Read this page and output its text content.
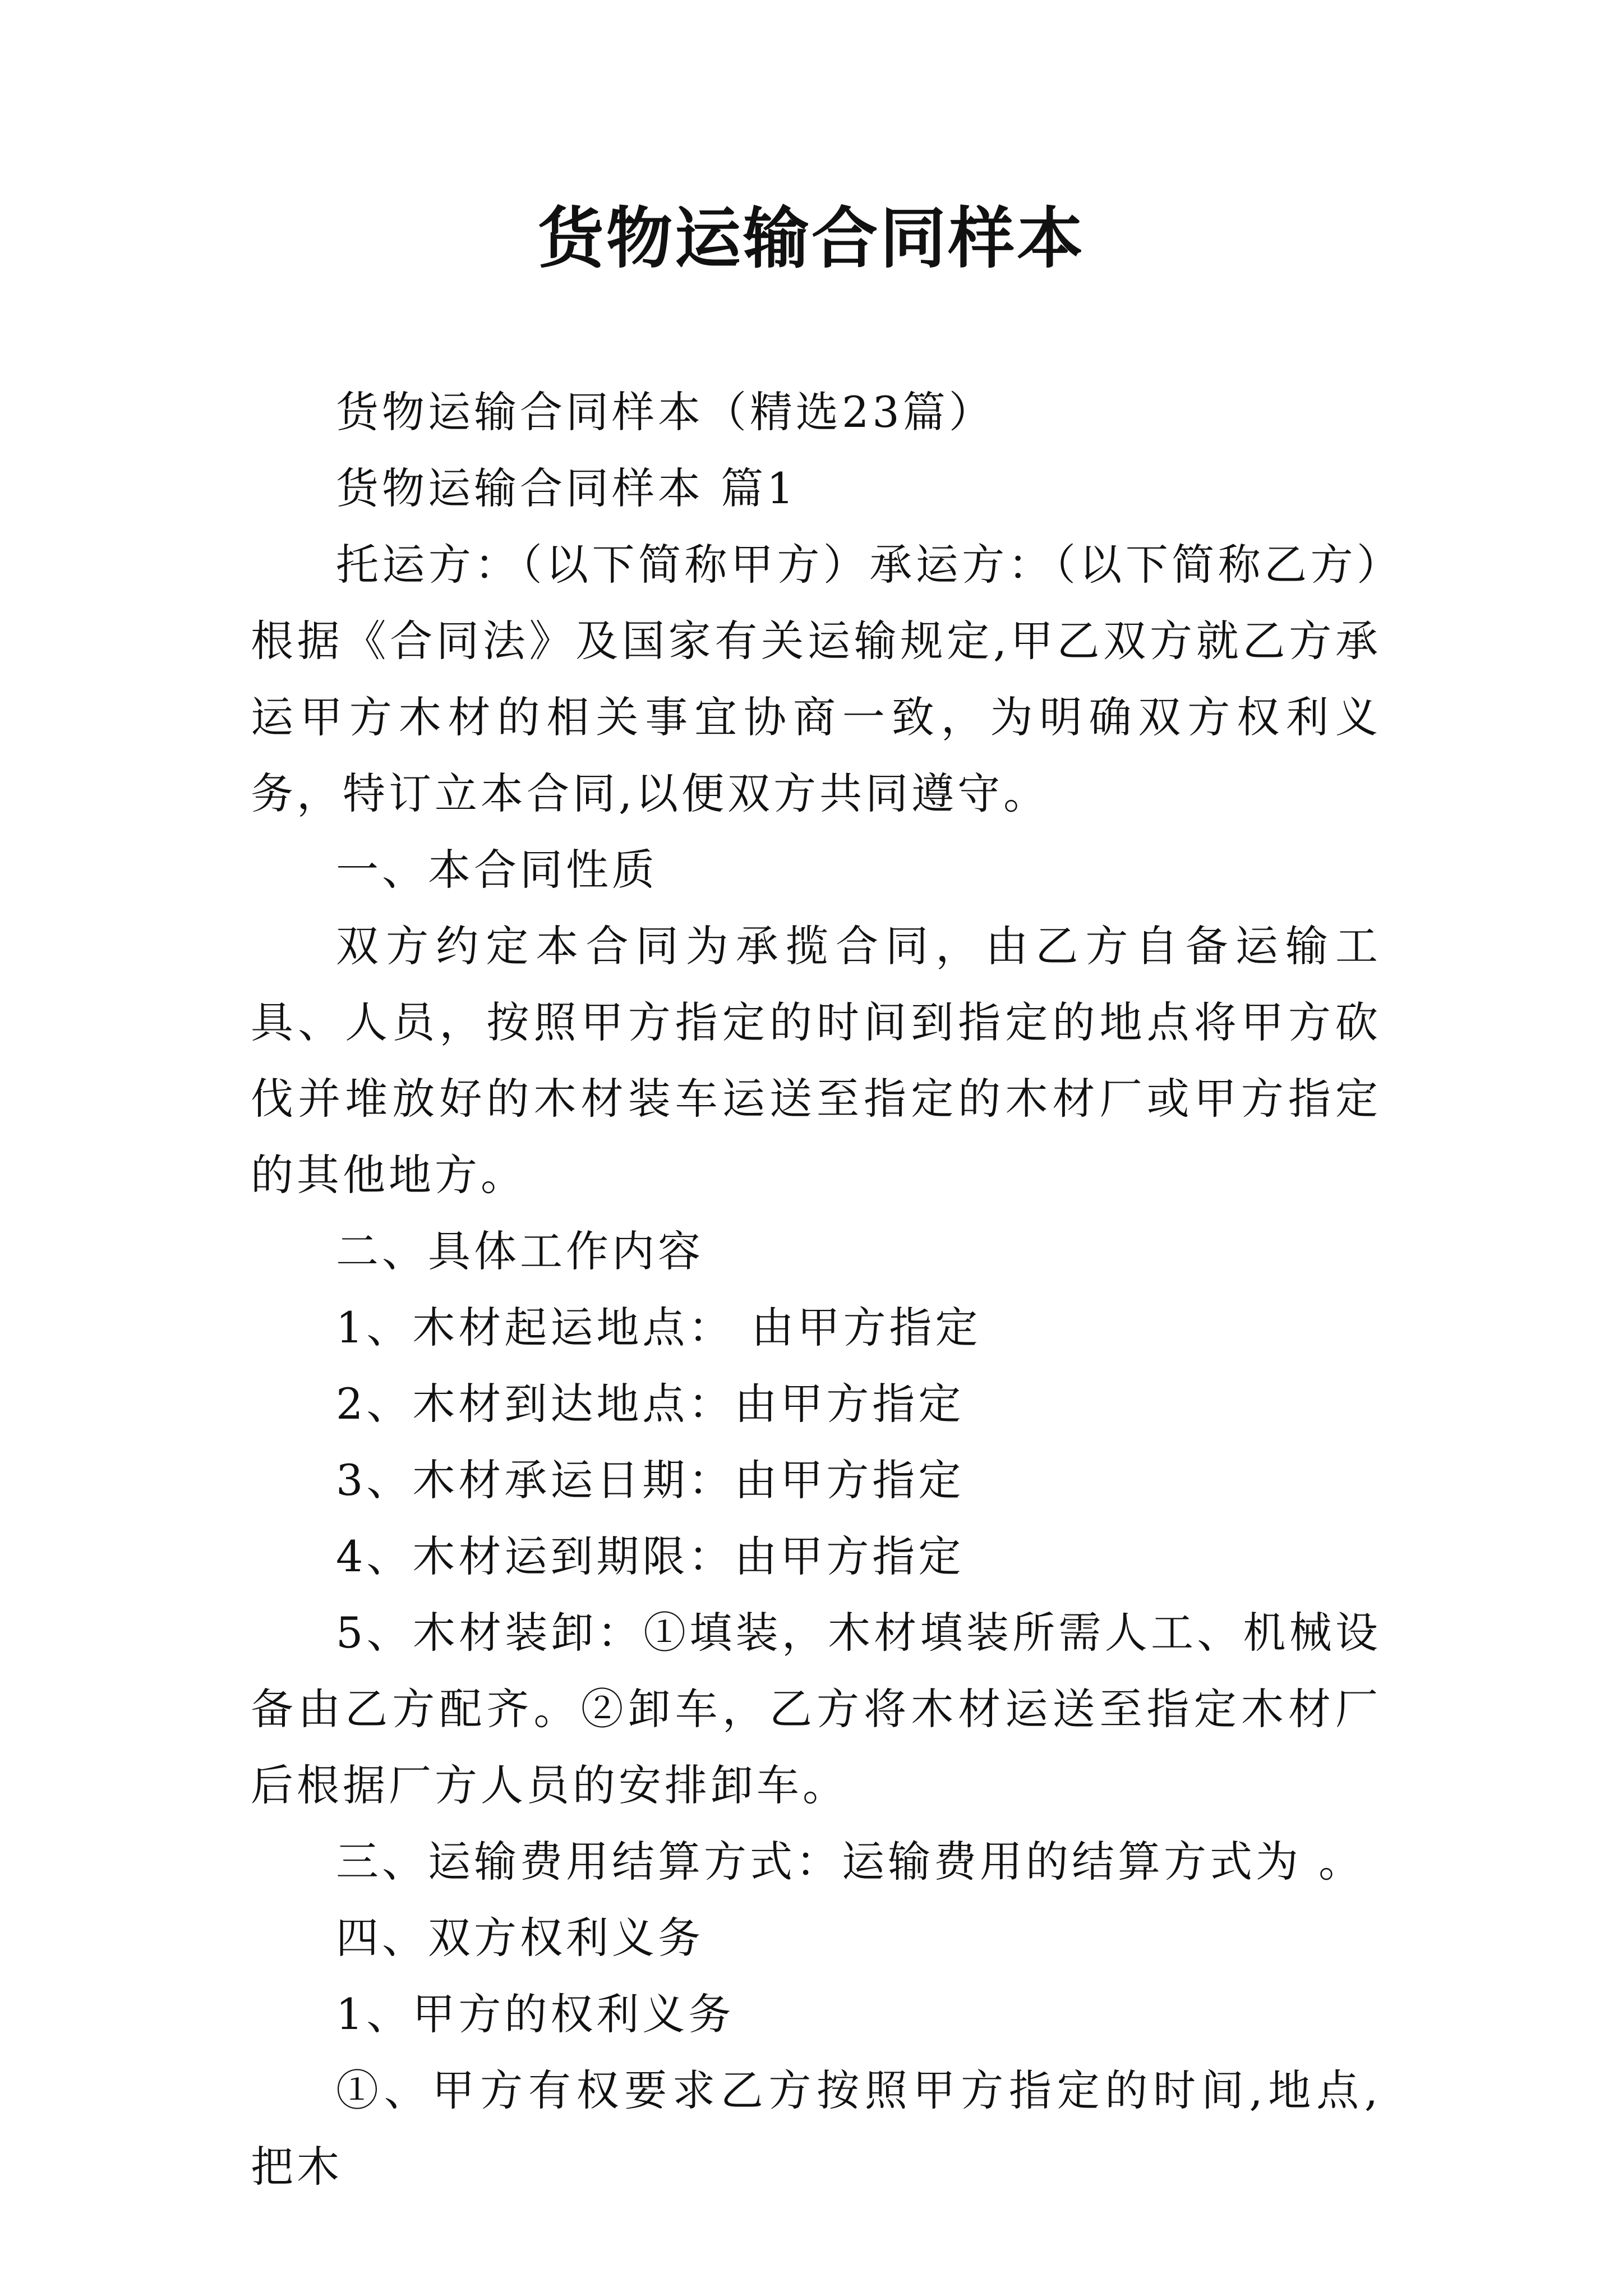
货物运输合同样本

货物运输合同样本（精选23篇）

货物运输合同样本 篇1

托运方：（以下简称甲方）承运方：（以下简称乙方）根据《合同法》及国家有关运输规定,甲乙双方就乙方承运甲方木材的相关事宜协商一致，为明确双方权利义务，特订立本合同,以便双方共同遵守。

一、本合同性质

双方约定本合同为承揽合同，由乙方自备运输工具、人员，按照甲方指定的时间到指定的地点将甲方砍伐并堆放好的木材装车运送至指定的木材厂或甲方指定的其他地方。

二、具体工作内容

1、木材起运地点： 由甲方指定

2、木材到达地点：由甲方指定

3、木材承运日期：由甲方指定

4、木材运到期限：由甲方指定

5、木材装卸：①填装，木材填装所需人工、机械设备由乙方配齐。②卸车，乙方将木材运送至指定木材厂后根据厂方人员的安排卸车。

三、运输费用结算方式：运输费用的结算方式为 。

四、双方权利义务

1、甲方的权利义务

①、甲方有权要求乙方按照甲方指定的时间,地点,把木
